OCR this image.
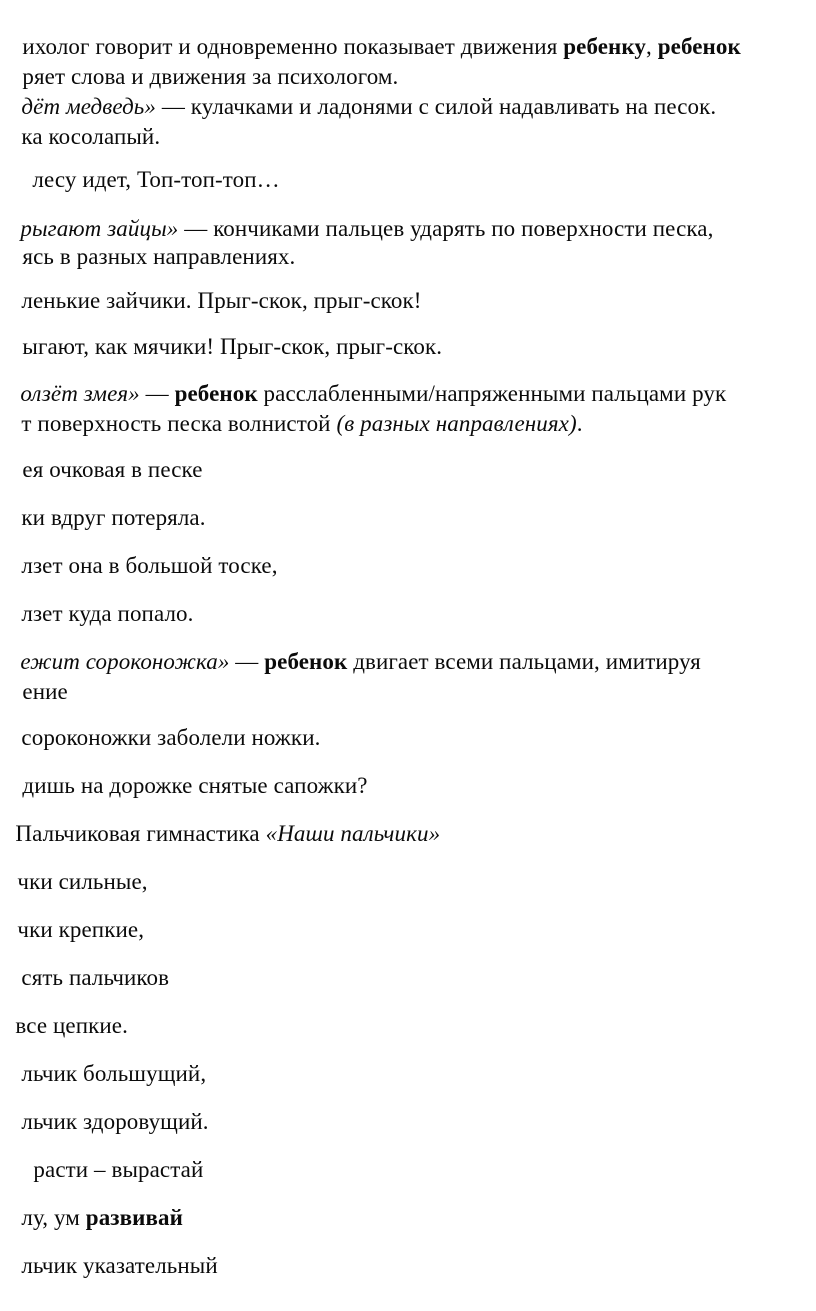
ихолог говорит и одновременно показывает движения ребенку, ребенок

ряет слова и движения за психологом.

дёт медведь» — кулачками и ладонями с силой надавливать на песок.

ка косолапый.

лесу идет, Топ-топ-топ…

рыгают зайцы» — кончиками пальцев ударять по поверхности песка,

ясь в разных направлениях.

ленькие зайчики. Прыг-скок, прыг-скок!

ыгают, как мячики! Прыг-скок, прыг-скок.

олзёт змея» — ребенок расслабленными/напряженными пальцами рук

т поверхность песка волнистой (в разных направлениях).

ея очковая в песке

ки вдруг потеряла.

лзет она в большой тоске,

лзет куда попало.

ежит сороконожка» — ребенок двигает всеми пальцами, имитируя

ение

сороконожки заболели ножки.

дишь на дорожке снятые сапожки?

Пальчиковая гимнастика «Наши пальчики»

чки сильные,

чки крепкие,

сять пальчиков

все цепкие.

льчик большущий,

льчик здоровущий.

расти – вырастай

лу, ум развивай

льчик указательный
